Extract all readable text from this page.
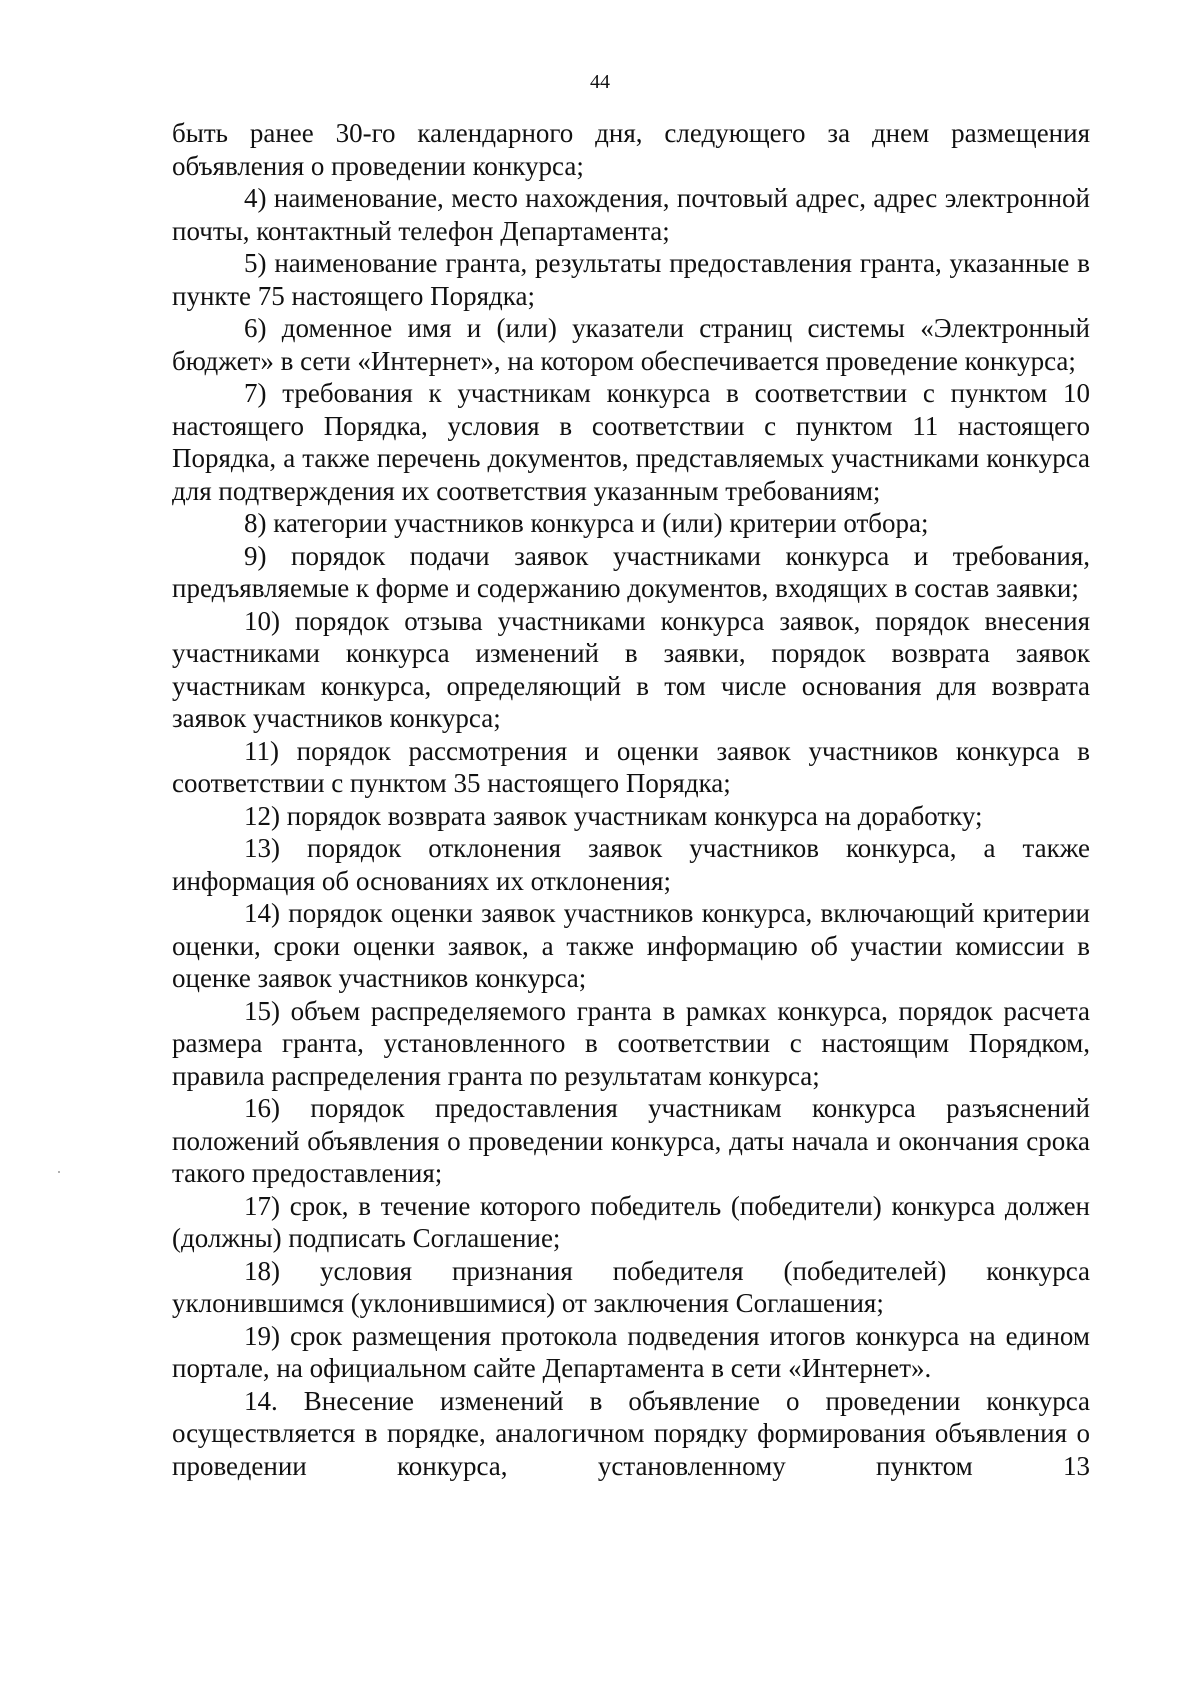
44

быть ранее 30-го календарного дня, следующего за днем размещения объявления о проведении конкурса;

4) наименование, место нахождения, почтовый адрес, адрес электронной почты, контактный телефон Департамента;

5) наименование гранта, результаты предоставления гранта, указанные в пункте 75 настоящего Порядка;

6) доменное имя и (или) указатели страниц системы «Электронный бюджет» в сети «Интернет», на котором обеспечивается проведение конкурса;

7) требования к участникам конкурса в соответствии с пунктом 10 настоящего Порядка, условия в соответствии с пунктом 11 настоящего Порядка, а также перечень документов, представляемых участниками конкурса для подтверждения их соответствия указанным требованиям;

8) категории участников конкурса и (или) критерии отбора;

9) порядок подачи заявок участниками конкурса и требования, предъявляемые к форме и содержанию документов, входящих в состав заявки;

10) порядок отзыва участниками конкурса заявок, порядок внесения участниками конкурса изменений в заявки, порядок возврата заявок участникам конкурса, определяющий в том числе основания для возврата заявок участников конкурса;

11) порядок рассмотрения и оценки заявок участников конкурса в соответствии с пунктом 35 настоящего Порядка;

12) порядок возврата заявок участникам конкурса на доработку;

13) порядок отклонения заявок участников конкурса, а также информация об основаниях их отклонения;

14) порядок оценки заявок участников конкурса, включающий критерии оценки, сроки оценки заявок, а также информацию об участии комиссии в оценке заявок участников конкурса;

15) объем распределяемого гранта в рамках конкурса, порядок расчета размера гранта, установленного в соответствии с настоящим Порядком, правила распределения гранта по результатам конкурса;

16) порядок предоставления участникам конкурса разъяснений положений объявления о проведении конкурса, даты начала и окончания срока такого предоставления;

17) срок, в течение которого победитель (победители) конкурса должен (должны) подписать Соглашение;

18) условия признания победителя (победителей) конкурса уклонившимся (уклонившимися) от заключения Соглашения;

19) срок размещения протокола подведения итогов конкурса на едином портале, на официальном сайте Департамента в сети «Интернет».

14. Внесение изменений в объявление о проведении конкурса осуществляется в порядке, аналогичном порядку формирования объявления о проведении конкурса, установленному пунктом 13
